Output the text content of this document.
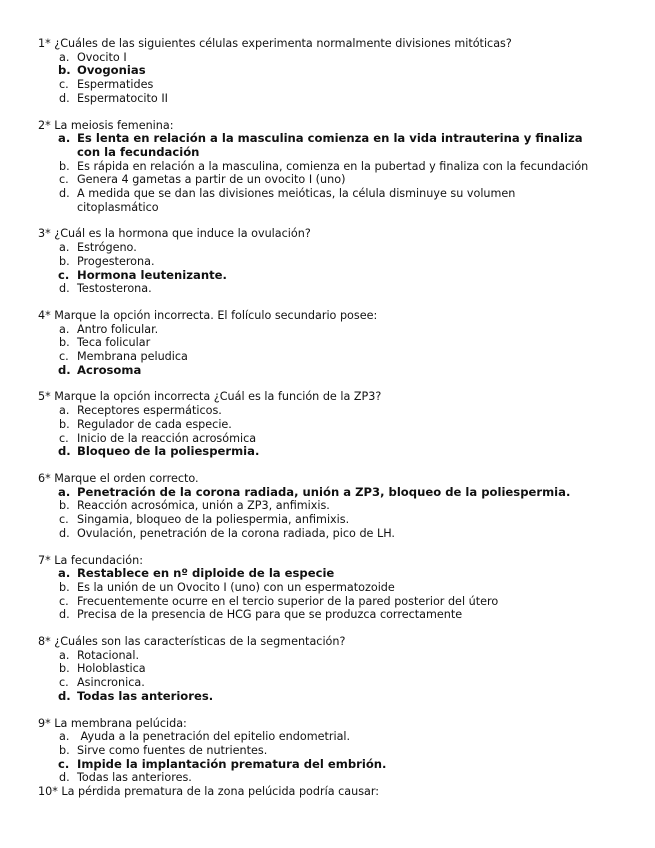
1* ¿Cuáles de las siguientes células experimenta normalmente divisiones mitóticas?
a. Ovocito I
b. Ovogonias
c. Espermatides
d. Espermatocito II
2* La meiosis femenina:
a. Es lenta en relación a la masculina comienza en la vida intrauterina y finaliza con la fecundación
b. Es rápida en relación a la masculina, comienza en la pubertad y finaliza con la fecundación
c. Genera 4 gametas a partir de un ovocito I (uno)
d. A medida que se dan las divisiones meióticas, la célula disminuye su volumen citoplasmático
3* ¿Cuál es la hormona que induce la ovulación?
a. Estrógeno.
b. Progesterona.
c. Hormona leutenizante.
d. Testosterona.
4* Marque la opción incorrecta. El folículo secundario posee:
a. Antro folicular.
b. Teca folicular
c. Membrana peludica
d. Acrosoma
5* Marque la opción incorrecta ¿Cuál es la función de la ZP3?
a. Receptores espermáticos.
b. Regulador de cada especie.
c. Inicio de la reacción acrosómica
d. Bloqueo de la poliespermia.
6* Marque el orden correcto.
a. Penetración de la corona radiada, unión a ZP3, bloqueo de la poliespermia.
b. Reacción acrosómica, unión a ZP3, anfimixis.
c. Singamia, bloqueo de la poliespermia, anfimixis.
d. Ovulación, penetración de la corona radiada, pico de LH.
7* La fecundación:
a. Restablece en nº diploide de la especie
b. Es la unión de un Ovocito I (uno) con un espermatozoide
c. Frecuentemente ocurre en el tercio superior de la pared posterior del útero
d. Precisa de la presencia de HCG para que se produzca correctamente
8* ¿Cuáles son las características de la segmentación?
a. Rotacional.
b. Holoblastica
c. Asincronica.
d. Todas las anteriores.
9* La membrana pelúcida:
a. Ayuda a la penetración del epitelio endometrial.
b. Sirve como fuentes de nutrientes.
c. Impide la implantación prematura del embrión.
d. Todas las anteriores.
10* La pérdida prematura de la zona pelúcida podría causar:
